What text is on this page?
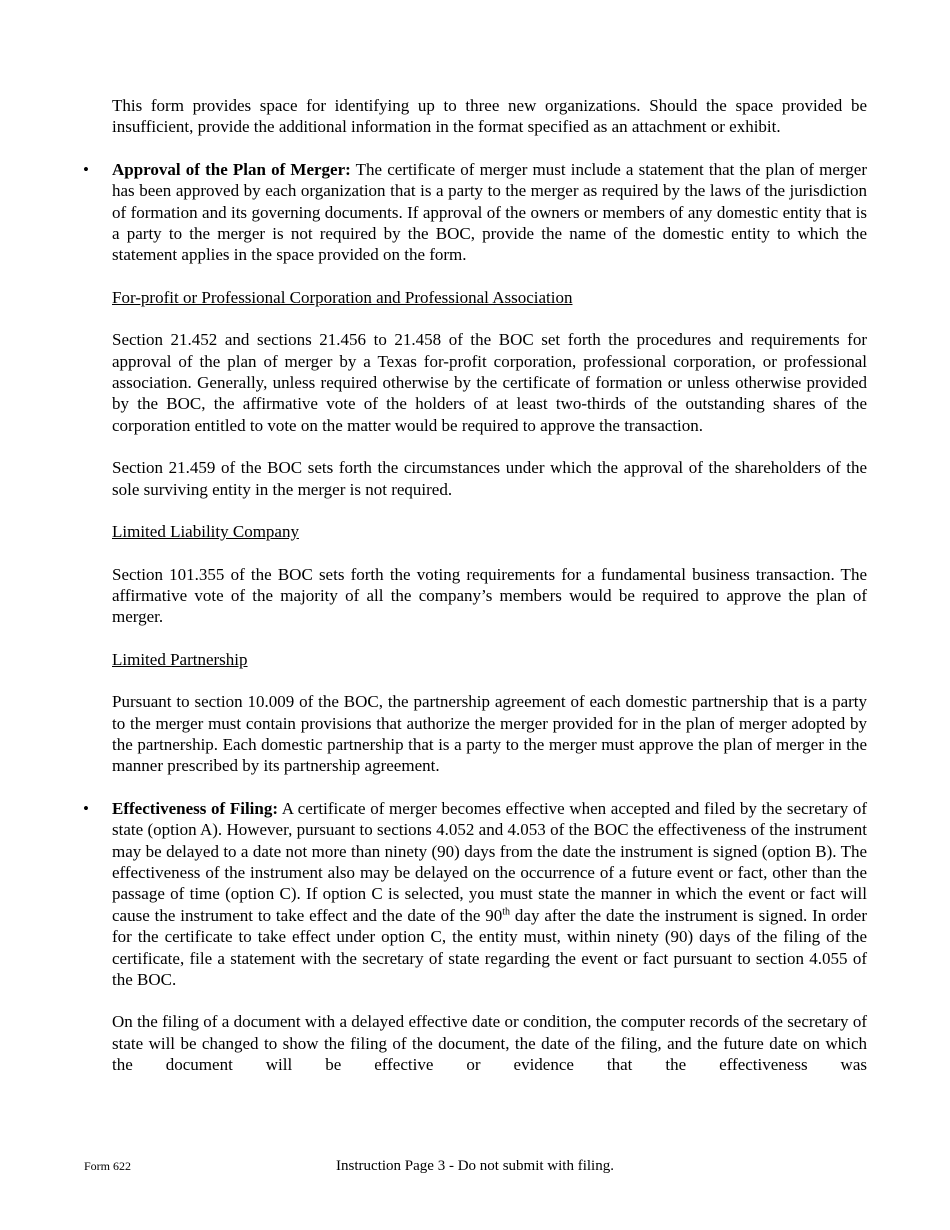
This form provides space for identifying up to three new organizations. Should the space provided be insufficient, provide the additional information in the format specified as an attachment or exhibit.

• Approval of the Plan of Merger: The certificate of merger must include a statement that the plan of merger has been approved by each organization that is a party to the merger as required by the laws of the jurisdiction of formation and its governing documents. If approval of the owners or members of any domestic entity that is a party to the merger is not required by the BOC, provide the name of the domestic entity to which the statement applies in the space provided on the form.

For-profit or Professional Corporation and Professional Association

Section 21.452 and sections 21.456 to 21.458 of the BOC set forth the procedures and requirements for approval of the plan of merger by a Texas for-profit corporation, professional corporation, or professional association. Generally, unless required otherwise by the certificate of formation or unless otherwise provided by the BOC, the affirmative vote of the holders of at least two-thirds of the outstanding shares of the corporation entitled to vote on the matter would be required to approve the transaction.

Section 21.459 of the BOC sets forth the circumstances under which the approval of the shareholders of the sole surviving entity in the merger is not required.

Limited Liability Company

Section 101.355 of the BOC sets forth the voting requirements for a fundamental business transaction. The affirmative vote of the majority of all the company’s members would be required to approve the plan of merger.

Limited Partnership

Pursuant to section 10.009 of the BOC, the partnership agreement of each domestic partnership that is a party to the merger must contain provisions that authorize the merger provided for in the plan of merger adopted by the partnership. Each domestic partnership that is a party to the merger must approve the plan of merger in the manner prescribed by its partnership agreement.

• Effectiveness of Filing: A certificate of merger becomes effective when accepted and filed by the secretary of state (option A). However, pursuant to sections 4.052 and 4.053 of the BOC the effectiveness of the instrument may be delayed to a date not more than ninety (90) days from the date the instrument is signed (option B). The effectiveness of the instrument also may be delayed on the occurrence of a future event or fact, other than the passage of time (option C). If option C is selected, you must state the manner in which the event or fact will cause the instrument to take effect and the date of the 90th day after the date the instrument is signed. In order for the certificate to take effect under option C, the entity must, within ninety (90) days of the filing of the certificate, file a statement with the secretary of state regarding the event or fact pursuant to section 4.055 of the BOC.

On the filing of a document with a delayed effective date or condition, the computer records of the secretary of state will be changed to show the filing of the document, the date of the filing, and the future date on which the document will be effective or evidence that the effectiveness was

Form 622	Instruction Page 3 - Do not submit with filing.
